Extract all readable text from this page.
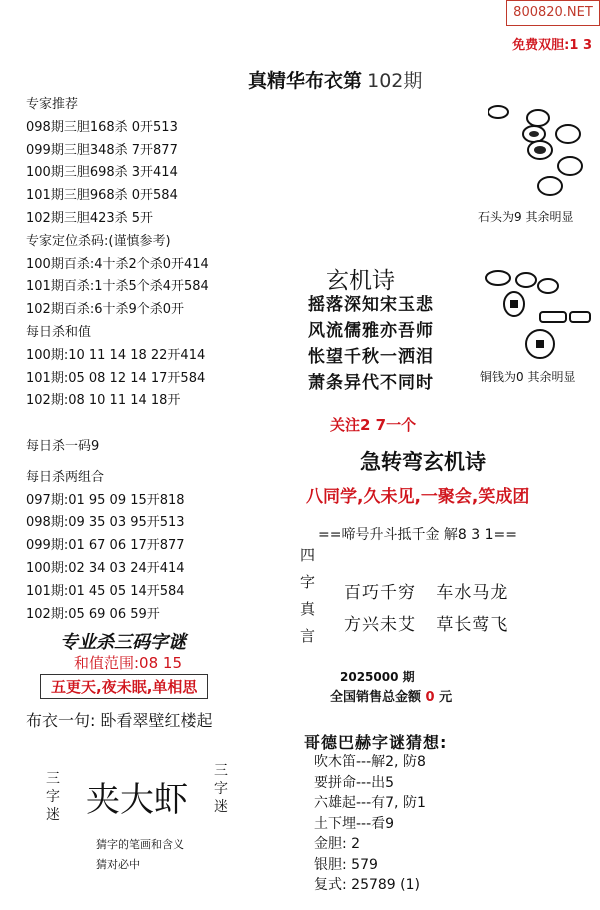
800820.NET
免费双胆:1 3
真精华布衣第 102期
专家推荐
098期三胆168杀 0开513
099期三胆348杀 7开877
100期三胆698杀 3开414
101期三胆968杀 0开584
102期三胆423杀 5开
专家定位杀码:(谨慎参考)
100期百杀:4十杀2个杀0开414
101期百杀:1十杀5个杀4开584
102期百杀:6十杀9个杀0开
每日杀和值
100期:10 11 14 18 22开414
101期:05 08 12 14 17开584
102期:08 10 11 14 18开
每日杀一码9
每日杀两组合
097期:01 95 09 15开818
098期:09 35 03 95开513
099期:01 67 06 17开877
100期:02 34 03 24开414
101期:01 45 05 14开584
102期:05 69 06 59开
专业杀三码字谜
和值范围:08 15
五更天,夜未眠,单相思
布衣一句: 卧看翠壁红楼起
三字迷 夹大虾
三字迷
猜字的笔画和含义
猜对必中
石头为9 其余明显
铜钱为0 其余明显
玄机诗
摇落深知宋玉悲
风流儒雅亦吾师
怅望千秋一洒泪
萧条异代不同时
关注2 7一个
急转弯玄机诗
八同学,久未见,一聚会,笑成团
==啼号升斗抵千金 解8 3 1==
四
字
真
言
百巧千穷 车水马龙
方兴未艾 草长莺飞
2025000 期
全国销售总金额 0 元
哥德巴赫字谜猜想:
吹木笛---解2, 防8
要拼命---出5
六雄起---有7, 防1
土下埋---看9
金胆: 2
银胆: 579
复式: 25789 (1)
